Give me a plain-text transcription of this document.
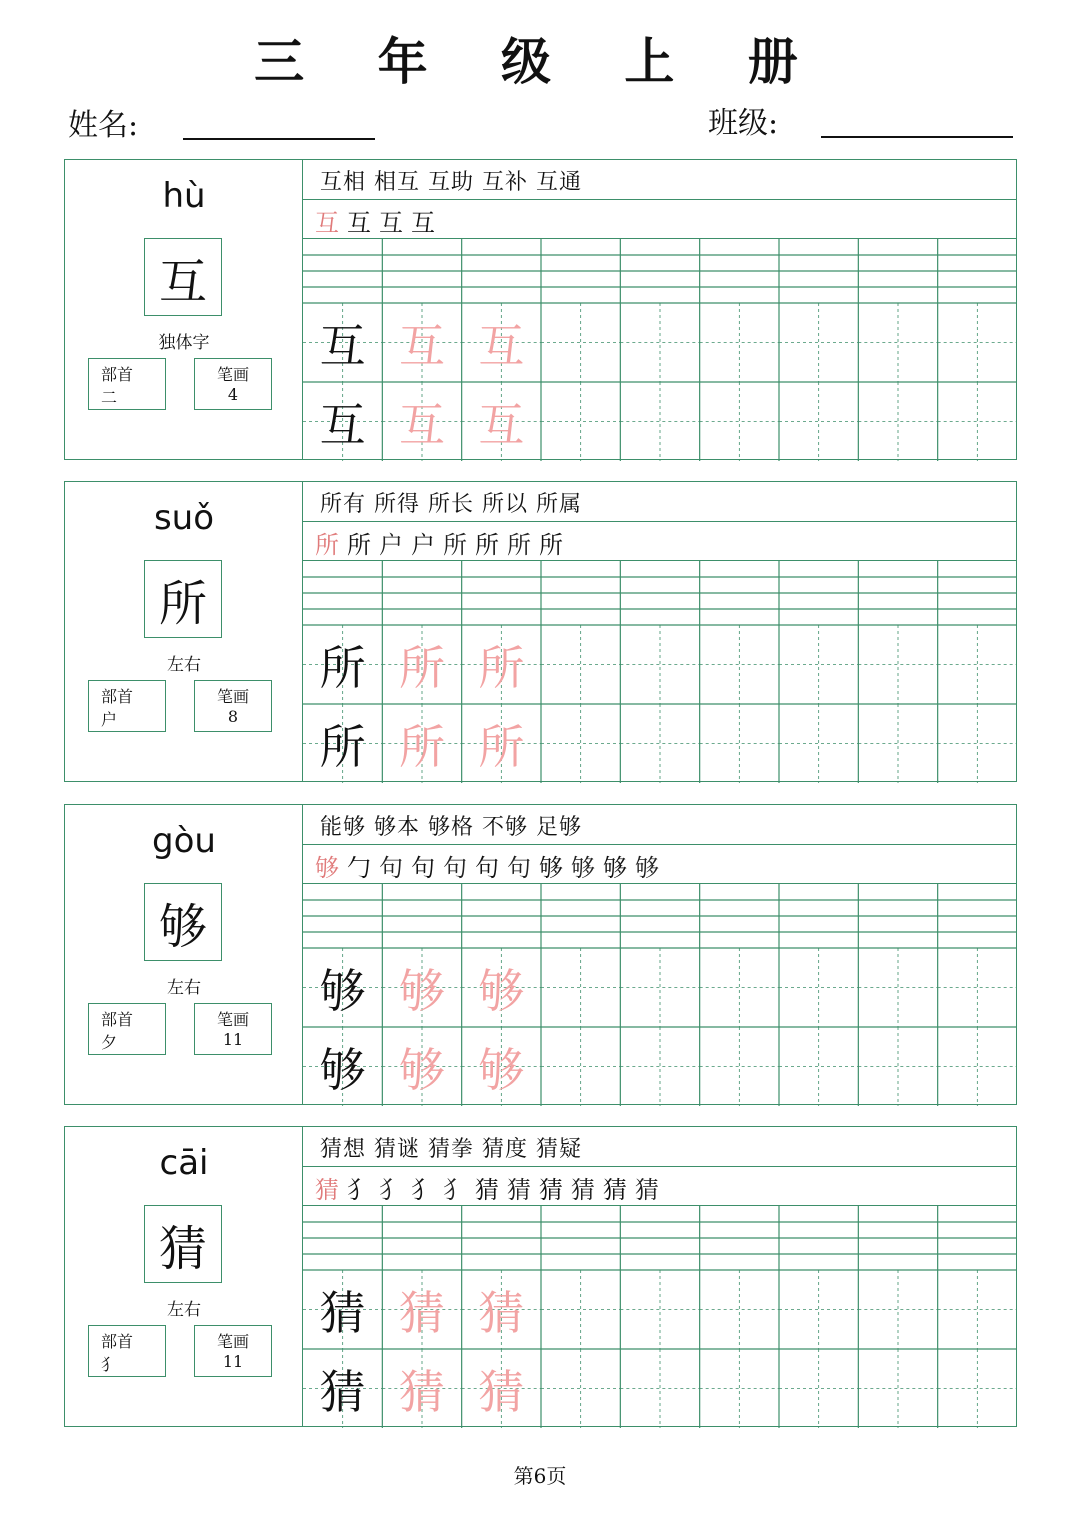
三 年 级 上 册
姓名:	班级:
hù
互
独体字
部首
二
笔画
4
互相 相互 互助 互补 互通
互 互 互 互
互 互 互
互 互 互
suǒ
所
左右
部首
户
笔画
8
所有 所得 所长 所以 所属
所 所 户 户 所 所 所 所
所 所 所
所 所 所
gòu
够
左右
部首
夕
笔画
11
能够 够本 够格 不够 足够
够 勹 句 句 句 句 句 够 够 够 够
够 够 够
够 够 够
cāi
猜
左右
部首
犭
笔画
11
猜想 猜谜 猜拳 猜度 猜疑
猜 犭 犭 犭 犭 猜 猜 猜 猜 猜 猜
猜 猜 猜
猜 猜 猜
第6页
